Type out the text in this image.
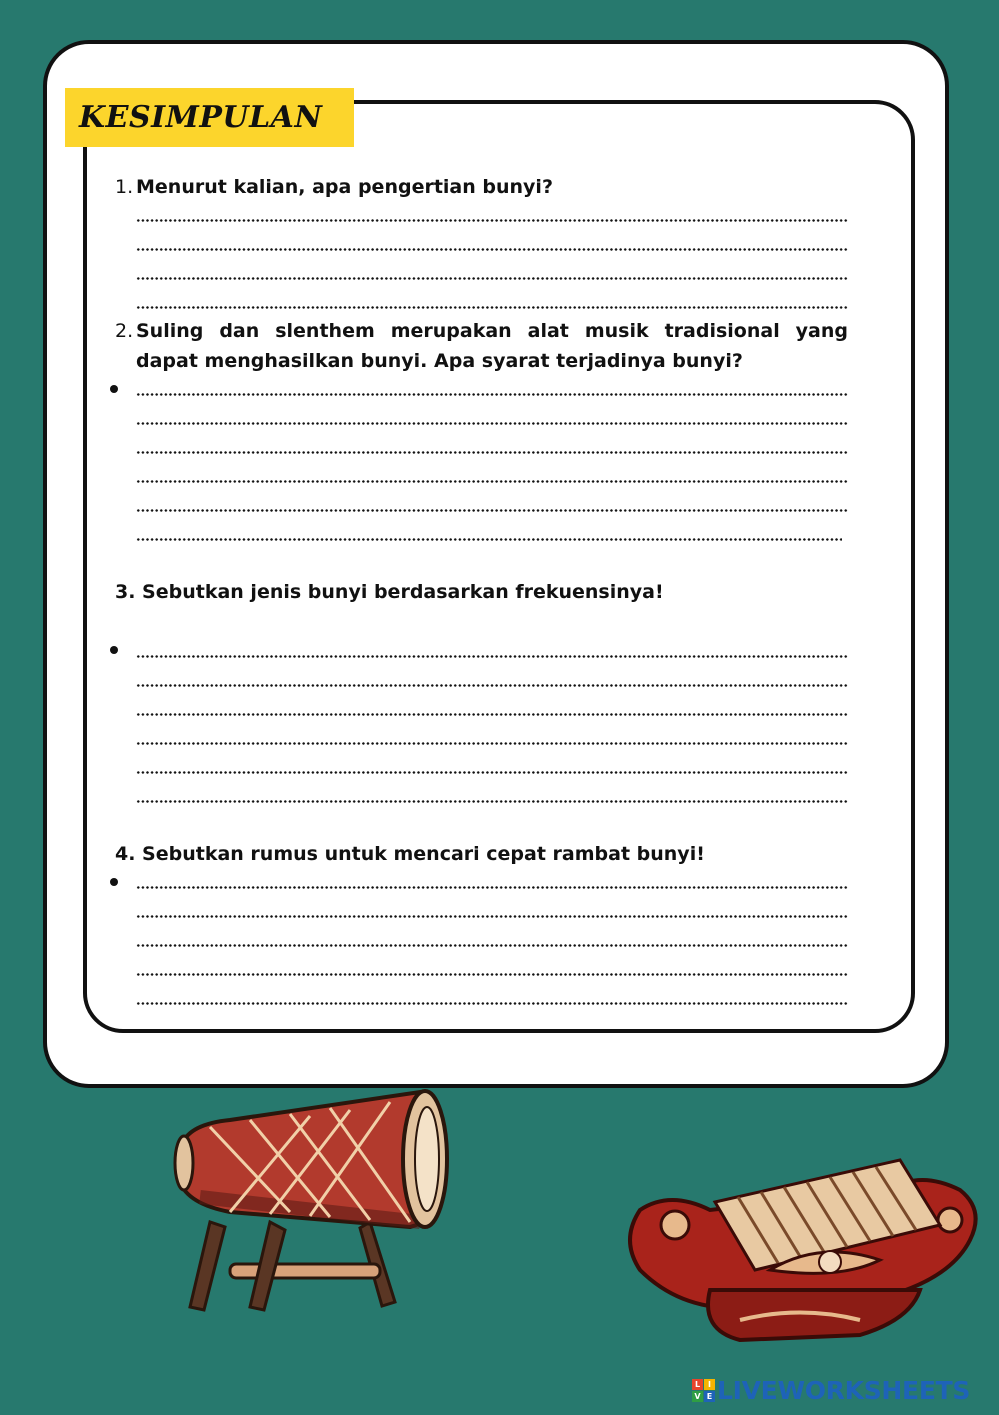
KESIMPULAN
1. Menurut kalian, apa pengertian bunyi?
2. Suling dan slenthem merupakan alat musik tradisional yang dapat menghasilkan bunyi. Apa syarat terjadinya bunyi?
3. Sebutkan jenis bunyi berdasarkan frekuensinya!
4. Sebutkan rumus untuk mencari cepat rambat bunyi!
L I
V E LIVEWORKSHEETS
